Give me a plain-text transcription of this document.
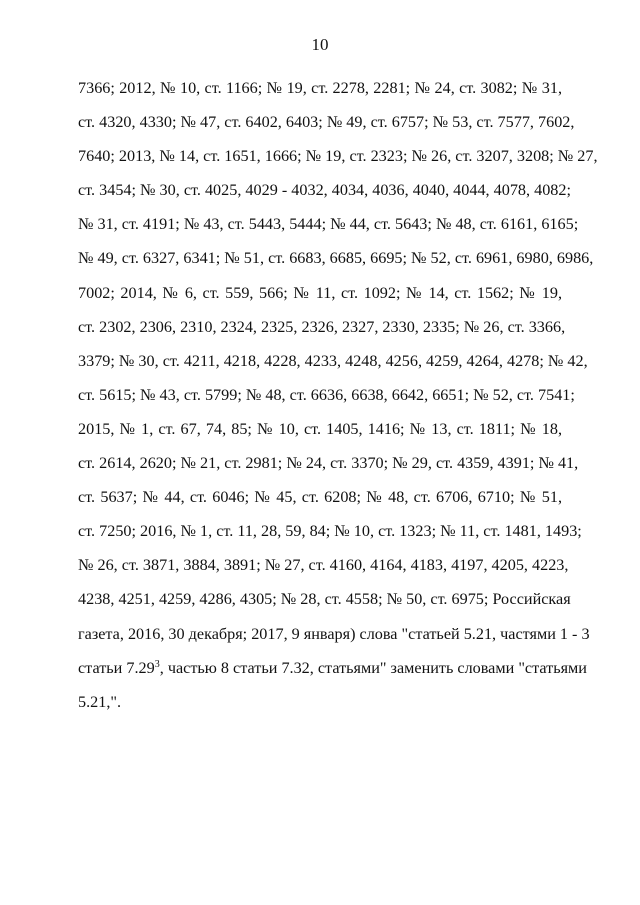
10
7366; 2012, № 10, ст. 1166; № 19, ст. 2278, 2281; № 24, ст. 3082; № 31,
ст. 4320, 4330; № 47, ст. 6402, 6403; № 49, ст. 6757; № 53, ст. 7577, 7602,
7640; 2013, № 14, ст. 1651, 1666; № 19, ст. 2323; № 26, ст. 3207, 3208; № 27,
ст. 3454; № 30, ст. 4025, 4029 - 4032, 4034, 4036, 4040, 4044, 4078, 4082;
№ 31, ст. 4191; № 43, ст. 5443, 5444; № 44, ст. 5643; № 48, ст. 6161, 6165;
№ 49, ст. 6327, 6341; № 51, ст. 6683, 6685, 6695; № 52, ст. 6961, 6980, 6986,
7002; 2014, № 6, ст. 559, 566; № 11, ст. 1092; № 14, ст. 1562; № 19,
ст. 2302, 2306, 2310, 2324, 2325, 2326, 2327, 2330, 2335; № 26, ст. 3366,
3379; № 30, ст. 4211, 4218, 4228, 4233, 4248, 4256, 4259, 4264, 4278; № 42,
ст. 5615; № 43, ст. 5799; № 48, ст. 6636, 6638, 6642, 6651; № 52, ст. 7541;
2015, № 1, ст. 67, 74, 85; № 10, ст. 1405, 1416; № 13, ст. 1811; № 18,
ст. 2614, 2620; № 21, ст. 2981; № 24, ст. 3370; № 29, ст. 4359, 4391; № 41,
ст. 5637; № 44, ст. 6046; № 45, ст. 6208; № 48, ст. 6706, 6710; № 51,
ст. 7250; 2016, № 1, ст. 11, 28, 59, 84; № 10, ст. 1323; № 11, ст. 1481, 1493;
№ 26, ст. 3871, 3884, 3891; № 27, ст. 4160, 4164, 4183, 4197, 4205, 4223,
4238, 4251, 4259, 4286, 4305; № 28, ст. 4558; № 50, ст. 6975; Российская
газета, 2016, 30 декабря; 2017, 9 января) слова "статьей 5.21, частями 1 - 3
статьи 7.29$^3$, частью 8 статьи 7.32, статьями" заменить словами "статьями
5.21,".
